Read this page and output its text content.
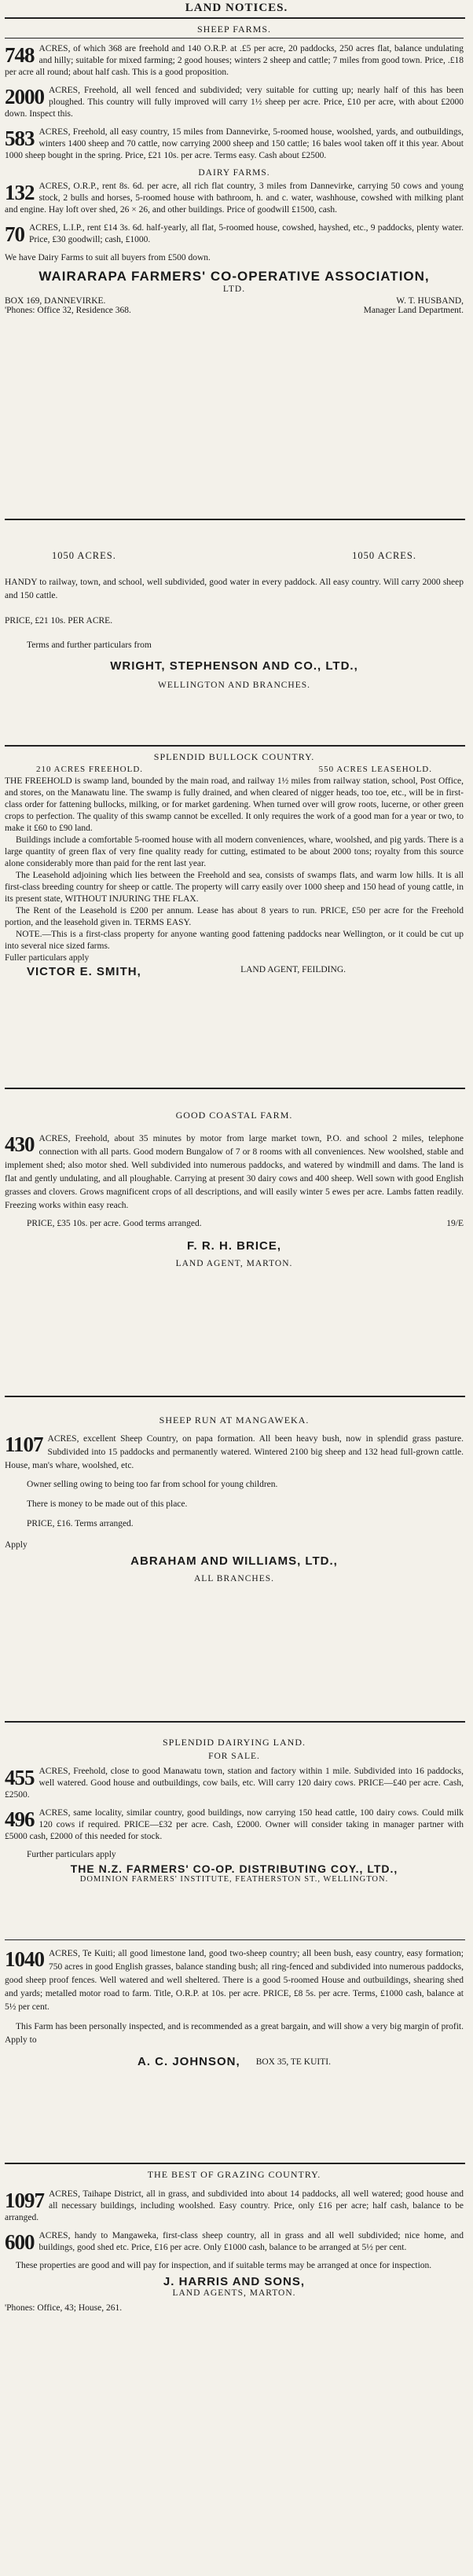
LAND NOTICES.
SHEEP FARMS.
748 ACRES, of which 368 are freehold and 140 O.R.P. at .£5 per acre, 20 paddocks, 250 acres flat, balance undulating and hilly; suitable for mixed farming; 2 good houses; winters 2 sheep and cattle; 7 miles from good town. Price, .£18 per acre all round; about half cash. This is a good proposition.
2000 ACRES, Freehold, all well fenced and subdivided; very suitable for cutting up; nearly half of this has been ploughed. This country will fully improved will carry 1½ sheep per acre. Price, £10 per acre, with about £2000 down. Inspect this.
583 ACRES, Freehold, all easy country, 15 miles from Dannevirke, 5-roomed house, woolshed, yards, and outbuildings, winters 1400 sheep and 70 cattle, now carrying 2000 sheep and 150 cattle; 16 bales wool taken off it this year. About 1000 sheep bought in the spring. Price, £21 10s. per acre. Terms easy. Cash about £2500.
DAIRY FARMS.
132 ACRES, O.R.P., rent 8s. 6d. per acre, all rich flat country, 3 miles from Dannevirke, carrying 50 cows and young stock, 2 bulls and horses, 5-roomed house with bathroom, h. and c. water, washhouse, cowshed with milking plant and engine. Hay loft over shed, 26 × 26, and other buildings. Price of goodwill £1500, cash.
70 ACRES, L.I.P., rent £14 3s. 6d. half-yearly, all flat, 5-roomed house, cowshed, hayshed, etc., 9 paddocks, plenty water. Price, £30 goodwill; cash, £1000.
We have Dairy Farms to suit all buyers from £500 down.
WAIRARAPA FARMERS' CO-OPERATIVE ASSOCIATION,
LTD.
BOX 169, DANNEVIRKE.	W. T. HUSBAND,
'Phones: Office 32, Residence 368.	Manager Land Department.
1050 ACRES.	1050 ACRES.
HANDY to railway, town, and school, well subdivided, good water in every paddock. All easy country. Will carry 2000 sheep and 150 cattle.
PRICE, £21 10s. PER ACRE.
Terms and further particulars from
WRIGHT, STEPHENSON AND CO., LTD.,
WELLINGTON AND BRANCHES.
SPLENDID BULLOCK COUNTRY.
210 ACRES FREEHOLD.	550 ACRES LEASEHOLD.
THE FREEHOLD is swamp land, bounded by the main road, and railway 1½ miles from railway station, school, Post Office, and stores, on the Manawatu line. The swamp is fully drained, and when cleared of nigger heads, too toe, etc., will be in first-class order for fattening bullocks, milking, or for market gardening. When turned over will grow roots, lucerne, or other green crops to perfection. The quality of this swamp cannot be excelled. It only requires the work of a good man for a year or two, to make it £60 to £90 land.
Buildings include a comfortable 5-roomed house with all modern conveniences, whare, woolshed, and pig yards. There is a large quantity of green flax of very fine quality ready for cutting, estimated to be about 2000 tons; royalty from this source alone considerably more than paid for the rent last year.
The Leasehold adjoining which lies between the Freehold and sea, consists of swamps flats, and warm low hills. It is all first-class breeding country for sheep or cattle. The property will carry easily over 1000 sheep and 150 head of young cattle, in its present state, WITHOUT INJURING THE FLAX.
The Rent of the Leasehold is £200 per annum. Lease has about 8 years to run. PRICE, £50 per acre for the Freehold portion, and the leasehold given in. TERMS EASY.
NOTE.—This is a first-class property for anyone wanting good fattening paddocks near Wellington, or it could be cut up into several nice sized farms.
Fuller particulars apply
VICTOR E. SMITH,	LAND AGENT, FEILDING.
GOOD COASTAL FARM.
430 ACRES, Freehold, about 35 minutes by motor from large market town, P.O. and school 2 miles, telephone connection with all parts. Good modern Bungalow of 7 or 8 rooms with all conveniences. New woolshed, stable and implement shed; also motor shed. Well subdivided into numerous paddocks, and watered by windmill and dams. The land is flat and gently undulating, and all ploughable. Carrying at present 30 dairy cows and 400 sheep. Well sown with good English grasses and clovers. Grows magnificent crops of all descriptions, and will easily winter 5 ewes per acre. Lambs fatten readily. Freezing works within easy reach.
PRICE, £35 10s. per acre. Good terms arranged.	19/E
F. R. H. BRICE,
LAND AGENT, MARTON.
SHEEP RUN AT MANGAWEKA.
1107 ACRES, excellent Sheep Country, on papa formation. All been heavy bush, now in splendid grass pasture. Subdivided into 15 paddocks and permanently watered. Wintered 2100 big sheep and 132 head full-grown cattle. House, man's whare, woolshed, etc.
Owner selling owing to being too far from school for young children.
There is money to be made out of this place.
PRICE, £16. Terms arranged.
Apply
ABRAHAM AND WILLIAMS, LTD.,
ALL BRANCHES.
SPLENDID DAIRYING LAND.
FOR SALE.
455 ACRES, Freehold, close to good Manawatu town, station and factory within 1 mile. Subdivided into 16 paddocks, well watered. Good house and outbuildings, cow bails, etc. Will carry 120 dairy cows. PRICE—£40 per acre. Cash, £2500.
496 ACRES, same locality, similar country, good buildings, now carrying 150 head cattle, 100 dairy cows. Could milk 120 cows if required. PRICE—£32 per acre. Cash, £2000. Owner will consider taking in manager partner with £5000 cash, £2000 of this needed for stock.
Further particulars apply
THE N.Z. FARMERS' CO-OP. DISTRIBUTING COY., LTD.,
DOMINION FARMERS' INSTITUTE, FEATHERSTON ST., WELLINGTON.
1040 ACRES, Te Kuiti; all good limestone land, good two-sheep country; all been bush, easy country, easy formation; 750 acres in good English grasses, balance standing bush; all ring-fenced and subdivided into numerous paddocks, good sheep proof fences. Well watered and well sheltered. There is a good 5-roomed House and outbuildings, shearing shed and yards; metalled motor road to farm. Title, O.R.P. at 10s. per acre. PRICE, £8 5s. per acre. Terms, £1000 cash, balance at 5½ per cent.
This Farm has been personally inspected, and is recommended as a great bargain, and will show a very big margin of profit. Apply to
A. C. JOHNSON, BOX 35, TE KUITI.
THE BEST OF GRAZING COUNTRY.
1097 ACRES, Taihape District, all in grass, and subdivided into about 14 paddocks, all well watered; good house and all necessary buildings, including woolshed. Easy country. Price, only £16 per acre; half cash, balance to be arranged.
600 ACRES, handy to Mangaweka, first-class sheep country, all in grass and all well subdivided; nice home, and buildings, good shed etc. Price, £16 per acre. Only £1000 cash, balance to be arranged at 5½ per cent.
These properties are good and will pay for inspection, and if suitable terms may be arranged at once for inspection.
J. HARRIS AND SONS,
LAND AGENTS, MARTON.
'Phones: Office, 43; House, 261.
